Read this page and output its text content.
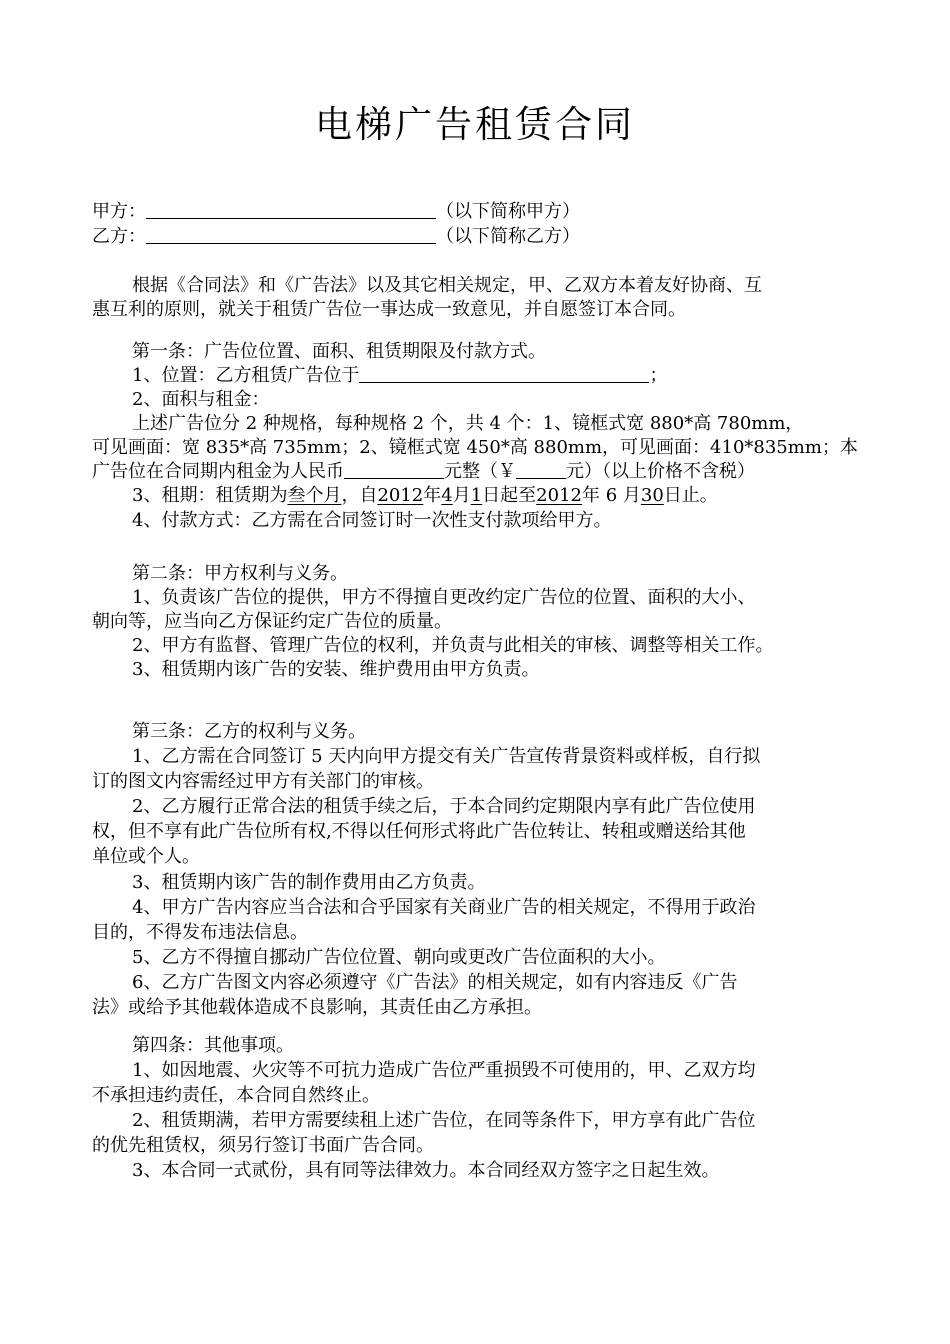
电梯广告租赁合同
甲方：	（以下简称甲方）
乙方：	（以下简称乙方）
根据《合同法》和《广告法》以及其它相关规定，甲、乙双方本着友好协商、互
惠互利的原则，就关于租赁广告位一事达成一致意见，并自愿签订本合同。
第一条：广告位位置、面积、租赁期限及付款方式。
1、位置：乙方租赁广告位于	；
2、面积与租金：
上述广告位分 2 种规格，每种规格 2 个，共 4 个：1、镜框式宽 880*高 780mm，
可见画面：宽 835*高 735mm；2、镜框式宽 450*高 880mm，可见画面：410*835mm；本
广告位在合同期内租金为人民币	元整（￥	元）（以上价格不含税）
3、租期：租赁期为叁个月，自2012年4月1日起至2012年 6 月30日止。
4、付款方式：乙方需在合同签订时一次性支付款项给甲方。
第二条：甲方权利与义务。
1、负责该广告位的提供，甲方不得擅自更改约定广告位的位置、面积的大小、
朝向等，应当向乙方保证约定广告位的质量。
2、甲方有监督、管理广告位的权利，并负责与此相关的审核、调整等相关工作。
3、租赁期内该广告的安装、维护费用由甲方负责。
第三条：乙方的权利与义务。
1、乙方需在合同签订 5 天内向甲方提交有关广告宣传背景资料或样板，自行拟
订的图文内容需经过甲方有关部门的审核。
2、乙方履行正常合法的租赁手续之后，于本合同约定期限内享有此广告位使用
权，但不享有此广告位所有权,不得以任何形式将此广告位转让、转租或赠送给其他
单位或个人。
3、租赁期内该广告的制作费用由乙方负责。
4、甲方广告内容应当合法和合乎国家有关商业广告的相关规定，不得用于政治
目的，不得发布违法信息。
5、乙方不得擅自挪动广告位位置、朝向或更改广告位面积的大小。
6、乙方广告图文内容必须遵守《广告法》的相关规定，如有内容违反《广告
法》或给予其他载体造成不良影响，其责任由乙方承担。
第四条：其他事项。
1、如因地震、火灾等不可抗力造成广告位严重损毁不可使用的，甲、乙双方均
不承担违约责任，本合同自然终止。
2、租赁期满，若甲方需要续租上述广告位，在同等条件下，甲方享有此广告位
的优先租赁权，须另行签订书面广告合同。
3、本合同一式贰份，具有同等法律效力。本合同经双方签字之日起生效。
